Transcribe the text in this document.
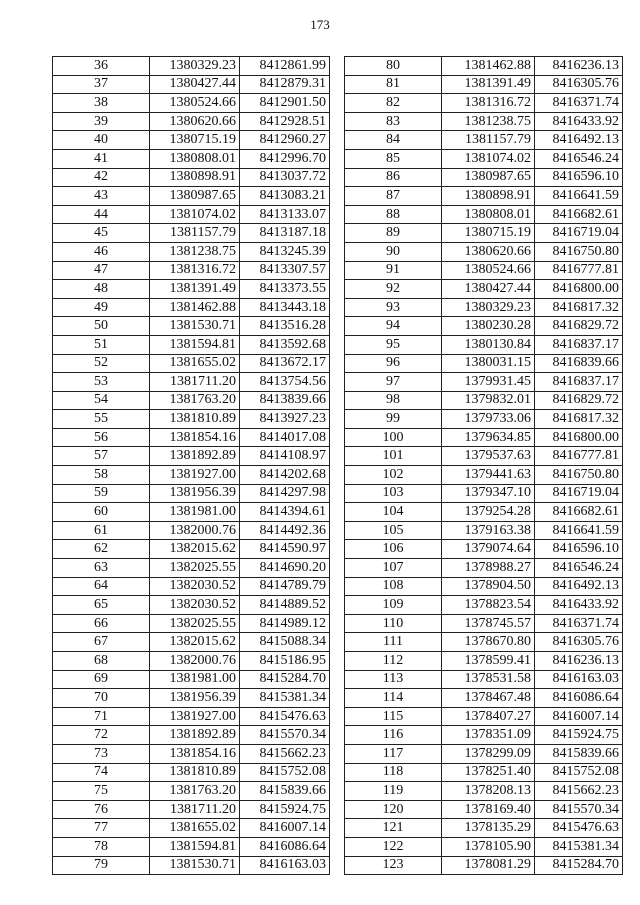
173
36	1380329.23	8412861.99
37	1380427.44	8412879.31
38	1380524.66	8412901.50
39	1380620.66	8412928.51
40	1380715.19	8412960.27
41	1380808.01	8412996.70
42	1380898.91	8413037.72
43	1380987.65	8413083.21
44	1381074.02	8413133.07
45	1381157.79	8413187.18
46	1381238.75	8413245.39
47	1381316.72	8413307.57
48	1381391.49	8413373.55
49	1381462.88	8413443.18
50	1381530.71	8413516.28
51	1381594.81	8413592.68
52	1381655.02	8413672.17
53	1381711.20	8413754.56
54	1381763.20	8413839.66
55	1381810.89	8413927.23
56	1381854.16	8414017.08
57	1381892.89	8414108.97
58	1381927.00	8414202.68
59	1381956.39	8414297.98
60	1381981.00	8414394.61
61	1382000.76	8414492.36
62	1382015.62	8414590.97
63	1382025.55	8414690.20
64	1382030.52	8414789.79
65	1382030.52	8414889.52
66	1382025.55	8414989.12
67	1382015.62	8415088.34
68	1382000.76	8415186.95
69	1381981.00	8415284.70
70	1381956.39	8415381.34
71	1381927.00	8415476.63
72	1381892.89	8415570.34
73	1381854.16	8415662.23
74	1381810.89	8415752.08
75	1381763.20	8415839.66
76	1381711.20	8415924.75
77	1381655.02	8416007.14
78	1381594.81	8416086.64
79	1381530.71	8416163.03
80	1381462.88	8416236.13
81	1381391.49	8416305.76
82	1381316.72	8416371.74
83	1381238.75	8416433.92
84	1381157.79	8416492.13
85	1381074.02	8416546.24
86	1380987.65	8416596.10
87	1380898.91	8416641.59
88	1380808.01	8416682.61
89	1380715.19	8416719.04
90	1380620.66	8416750.80
91	1380524.66	8416777.81
92	1380427.44	8416800.00
93	1380329.23	8416817.32
94	1380230.28	8416829.72
95	1380130.84	8416837.17
96	1380031.15	8416839.66
97	1379931.45	8416837.17
98	1379832.01	8416829.72
99	1379733.06	8416817.32
100	1379634.85	8416800.00
101	1379537.63	8416777.81
102	1379441.63	8416750.80
103	1379347.10	8416719.04
104	1379254.28	8416682.61
105	1379163.38	8416641.59
106	1379074.64	8416596.10
107	1378988.27	8416546.24
108	1378904.50	8416492.13
109	1378823.54	8416433.92
110	1378745.57	8416371.74
111	1378670.80	8416305.76
112	1378599.41	8416236.13
113	1378531.58	8416163.03
114	1378467.48	8416086.64
115	1378407.27	8416007.14
116	1378351.09	8415924.75
117	1378299.09	8415839.66
118	1378251.40	8415752.08
119	1378208.13	8415662.23
120	1378169.40	8415570.34
121	1378135.29	8415476.63
122	1378105.90	8415381.34
123	1378081.29	8415284.70
